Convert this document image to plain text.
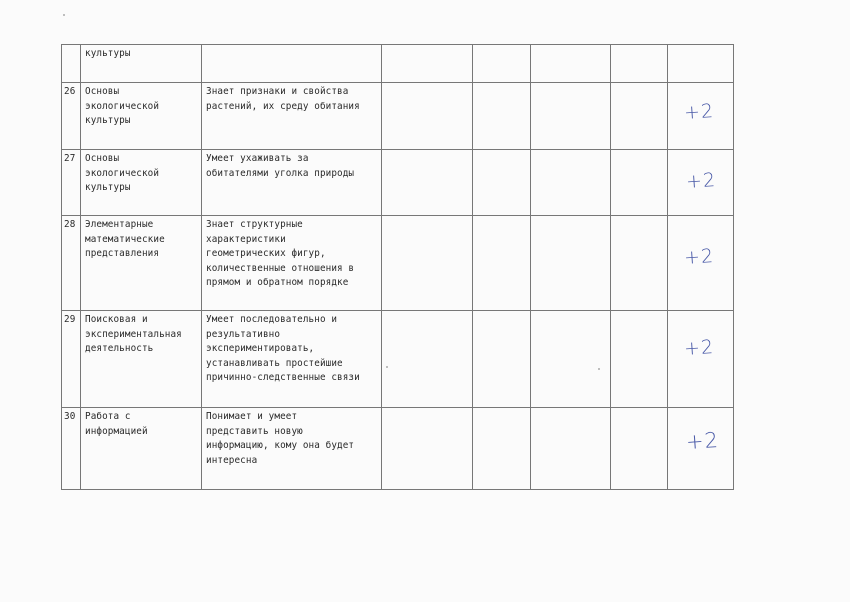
	культуры						

26	Основы
экологической
культуры	Знает признаки и свойства
растений, их среду обитания					+2

27	Основы
экологической
культуры	Умеет ухаживать за
обитателями уголка природы					+2

28	Элементарные
математические
представления	Знает структурные
характеристики
геометрических фигур,
количественные отношения в
прямом и обратном порядке					+2

29	Поисковая и
экспериментальная
деятельность	Умеет последовательно и
результативно
экспериментировать,
устанавливать простейшие
причинно-следственные связи					+2

30	Работа с
информацией	Понимает и умеет
представить новую
информацию, кому она будет
интересна					+2
